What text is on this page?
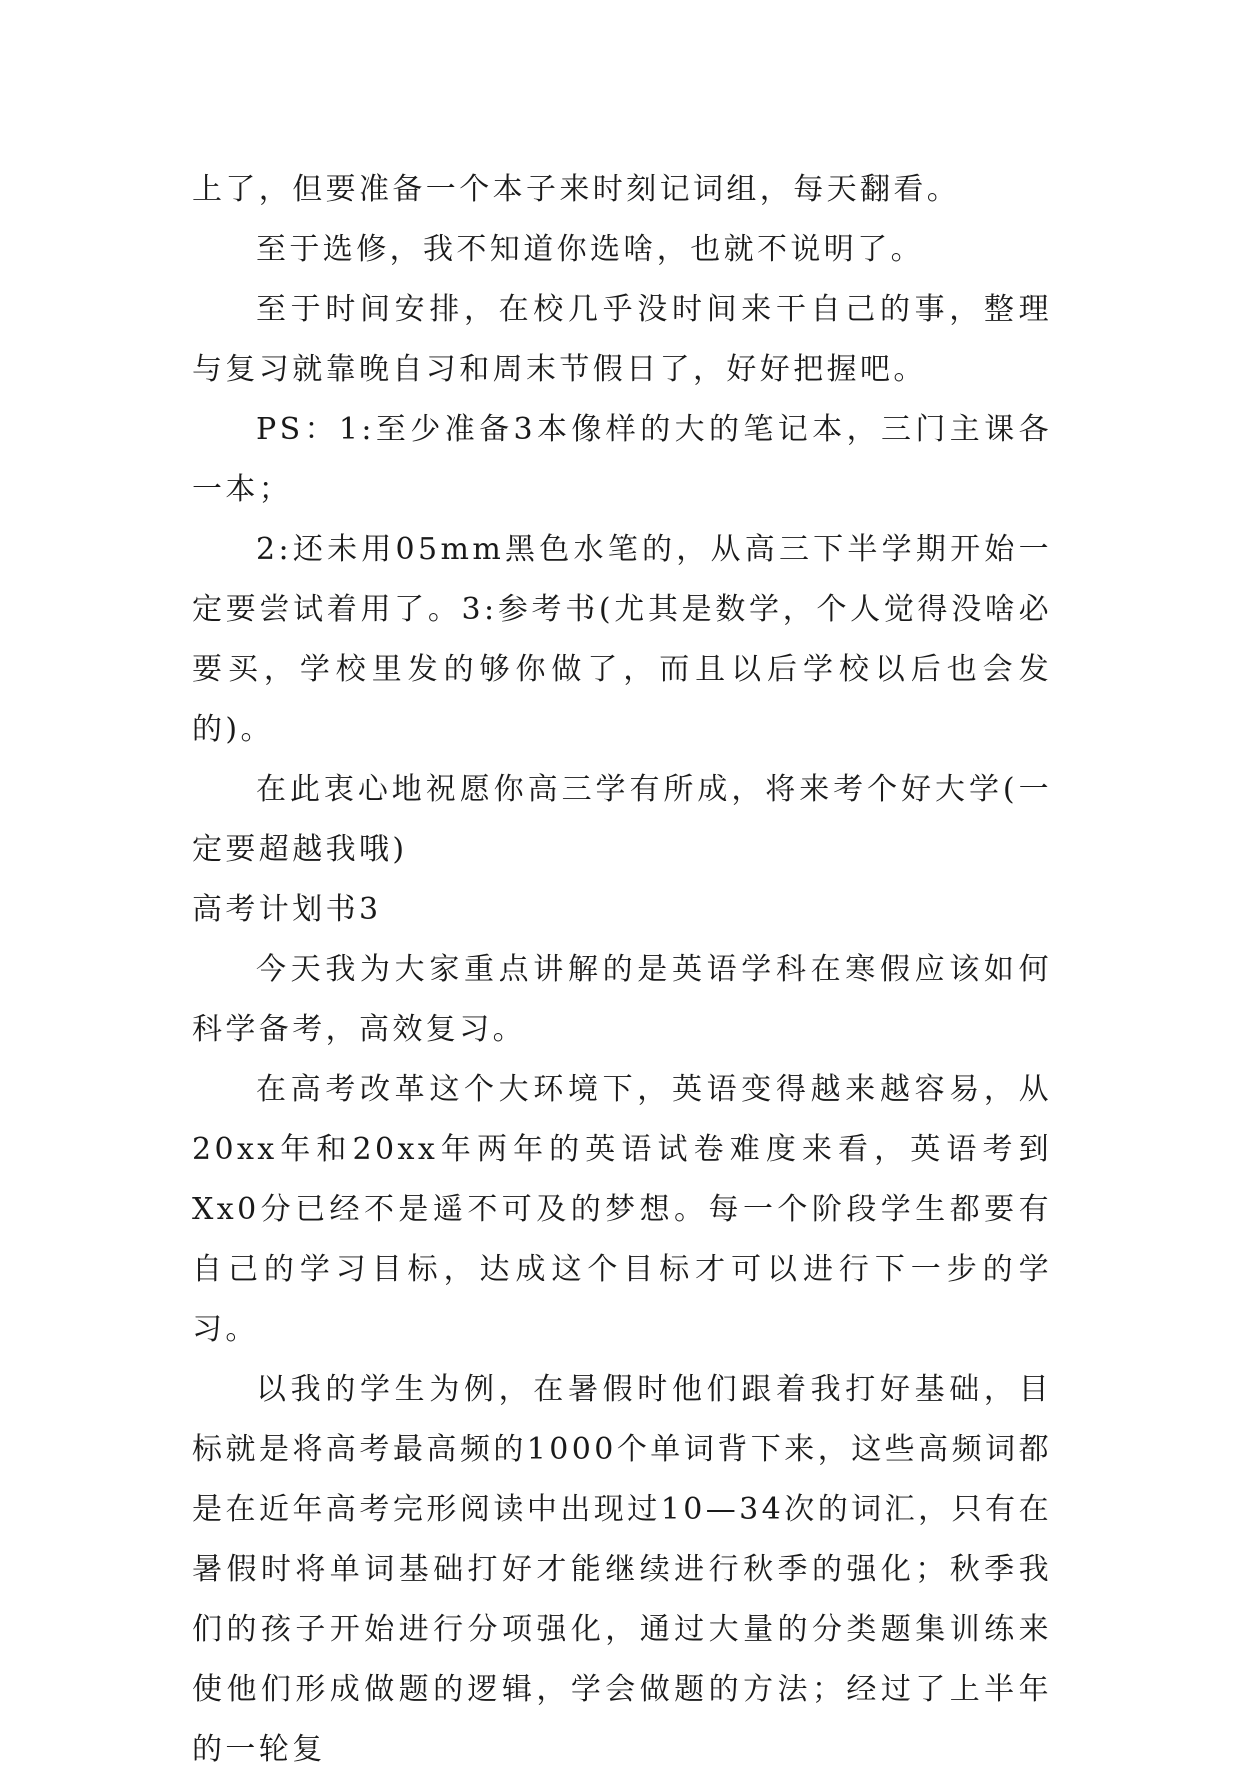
上了，但要准备一个本子来时刻记词组，每天翻看。

至于选修，我不知道你选啥，也就不说明了。

至于时间安排，在校几乎没时间来干自己的事，整理与复习就靠晚自习和周末节假日了，好好把握吧。

PS：1:至少准备3本像样的大的笔记本，三门主课各一本；

2:还未用05mm黑色水笔的，从高三下半学期开始一定要尝试着用了。3:参考书(尤其是数学，个人觉得没啥必要买，学校里发的够你做了，而且以后学校以后也会发的)。

在此衷心地祝愿你高三学有所成，将来考个好大学(一定要超越我哦)

高考计划书3

今天我为大家重点讲解的是英语学科在寒假应该如何科学备考，高效复习。

在高考改革这个大环境下，英语变得越来越容易，从20xx年和20xx年两年的英语试卷难度来看，英语考到Xx0分已经不是遥不可及的梦想。每一个阶段学生都要有自己的学习目标，达成这个目标才可以进行下一步的学习。

以我的学生为例，在暑假时他们跟着我打好基础，目标就是将高考最高频的1000个单词背下来，这些高频词都是在近年高考完形阅读中出现过10—34次的词汇，只有在暑假时将单词基础打好才能继续进行秋季的强化；秋季我们的孩子开始进行分项强化，通过大量的分类题集训练来使他们形成做题的逻辑，学会做题的方法；经过了上半年的一轮复
